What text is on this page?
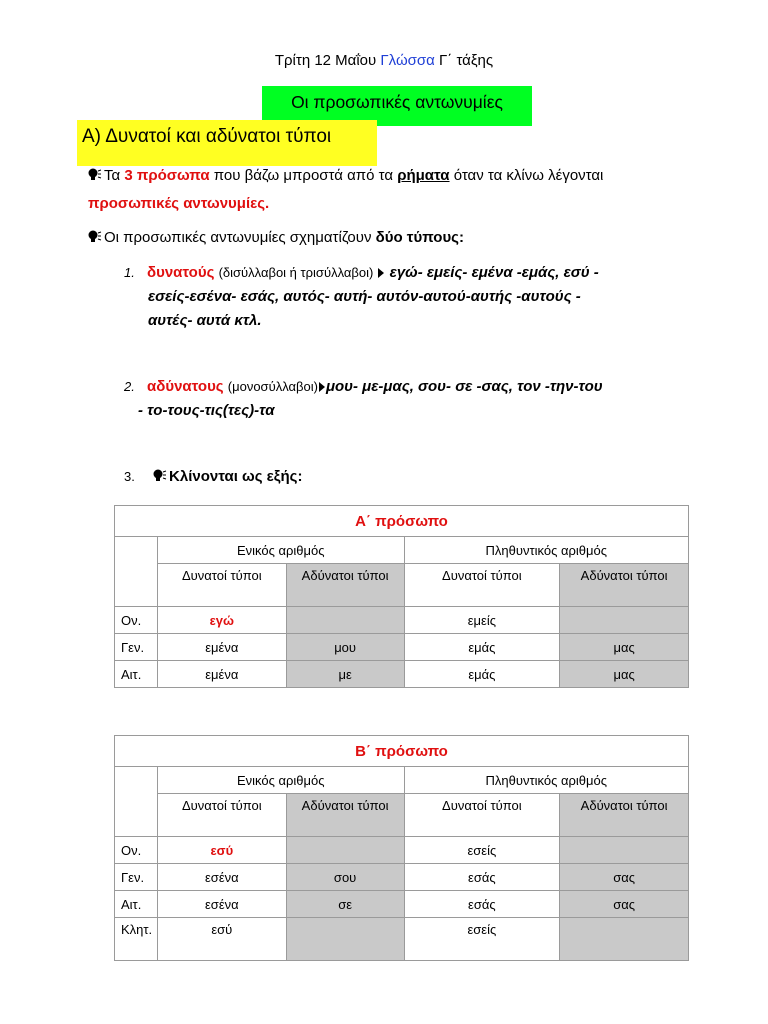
Τρίτη 12 Μαΐου Γλώσσα Γ΄ τάξης
Οι προσωπικές αντωνυμίες
Α) Δυνατοί και αδύνατοι τύποι
Τα 3 πρόσωπα που βάζω μπροστά από τα ρήματα όταν τα κλίνω λέγονται
προσωπικές αντωνυμίες.
Οι προσωπικές αντωνυμίες σχηματίζουν δύο τύπους:
1. δυνατούς (δισύλλαβοι ή τρισύλλαβοι) εγώ- εμείς- εμένα -εμάς, εσύ -
εσείς-εσένα- εσάς, αυτός- αυτή- αυτόν-αυτού-αυτής -αυτούς -
αυτές- αυτά κτλ.
2. αδύνατους (μονοσύλλαβοι) μου- με-μας, σου- σε -σας, τον -την-του
- το-τους-τις(τες)-τα
3. Κλίνονται ως εξής:
Α΄ πρόσωπο				
	Ενικός αριθμός		Πληθυντικός αριθμός	
	Δυνατοί τύποι	Αδύνατοι τύποι	Δυνατοί τύποι	Αδύνατοι τύποι
Ον.	εγώ		εμείς	
Γεν.	εμένα	μου	εμάς	μας
Αιτ.	εμένα	με	εμάς	μας
Β΄ πρόσωπο				
	Ενικός αριθμός		Πληθυντικός αριθμός	
	Δυνατοί τύποι	Αδύνατοι τύποι	Δυνατοί τύποι	Αδύνατοι τύποι
Ον.	εσύ		εσείς	
Γεν.	εσένα	σου	εσάς	σας
Αιτ.	εσένα	σε	εσάς	σας
Κλητ.	εσύ		εσείς	
